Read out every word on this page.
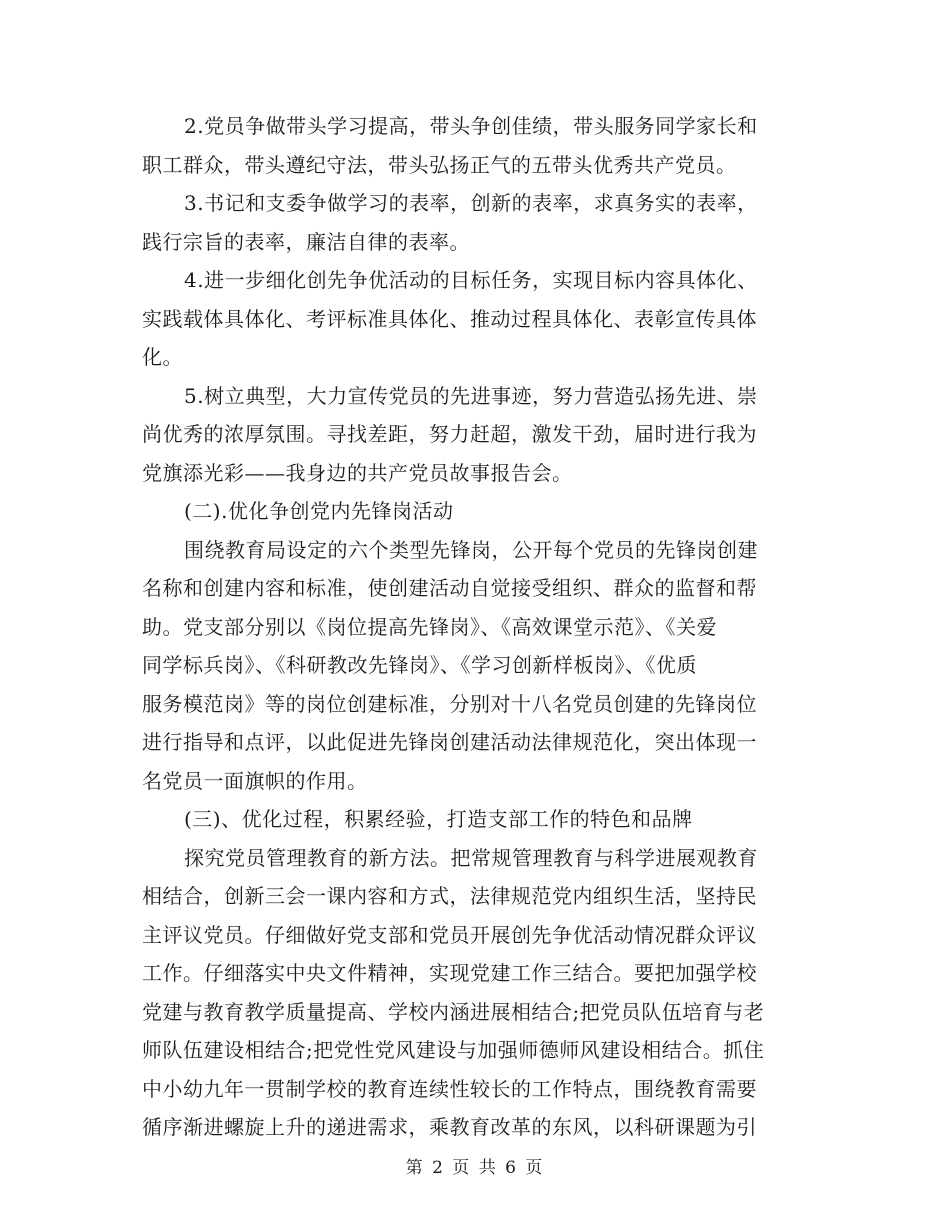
2.党员争做带头学习提高，带头争创佳绩，带头服务同学家长和
职工群众，带头遵纪守法，带头弘扬正气的五带头优秀共产党员。
3.书记和支委争做学习的表率，创新的表率，求真务实的表率，
践行宗旨的表率，廉洁自律的表率。
4.进一步细化创先争优活动的目标任务，实现目标内容具体化、
实践载体具体化、考评标准具体化、推动过程具体化、表彰宣传具体
化。
5.树立典型，大力宣传党员的先进事迹，努力营造弘扬先进、崇
尚优秀的浓厚氛围。寻找差距，努力赶超，激发干劲，届时进行我为
党旗添光彩——我身边的共产党员故事报告会。
(二).优化争创党内先锋岗活动
围绕教育局设定的六个类型先锋岗，公开每个党员的先锋岗创建
名称和创建内容和标准，使创建活动自觉接受组织、群众的监督和帮
助。党支部分别以《岗位提高先锋岗》、《高效课堂示范》、《关爱
同学标兵岗》、《科研教改先锋岗》、《学习创新样板岗》、《优质
服务模范岗》等的岗位创建标准，分别对十八名党员创建的先锋岗位
进行指导和点评，以此促进先锋岗创建活动法律规范化，突出体现一
名党员一面旗帜的作用。
(三)、优化过程，积累经验，打造支部工作的特色和品牌
探究党员管理教育的新方法。把常规管理教育与科学进展观教育
相结合，创新三会一课内容和方式，法律规范党内组织生活，坚持民
主评议党员。仔细做好党支部和党员开展创先争优活动情况群众评议
工作。仔细落实中央文件精神，实现党建工作三结合。要把加强学校
党建与教育教学质量提高、学校内涵进展相结合;把党员队伍培育与老
师队伍建设相结合;把党性党风建设与加强师德师风建设相结合。抓住
中小幼九年一贯制学校的教育连续性较长的工作特点，围绕教育需要
循序渐进螺旋上升的递进需求，乘教育改革的东风，以科研课题为引
第 2 页 共 6 页
